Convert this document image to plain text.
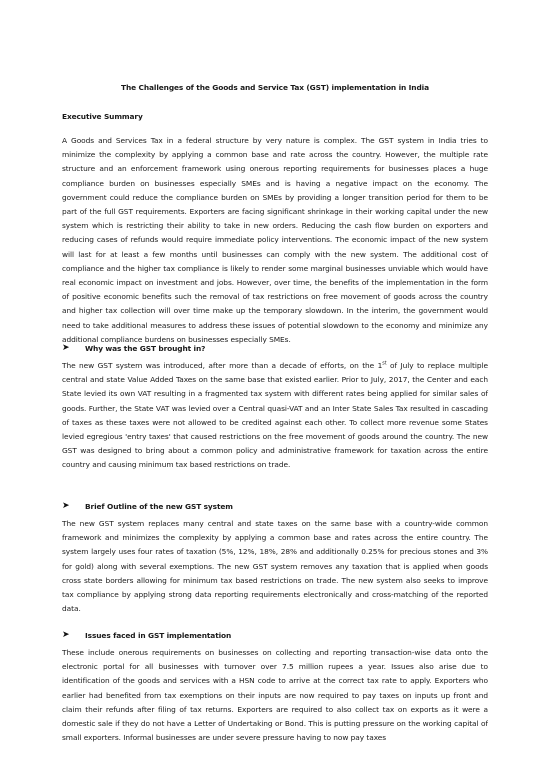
The Challenges of the Goods and Service Tax (GST) implementation in India
Executive Summary
A Goods and Services Tax in a federal structure by very nature is complex. The GST system in India tries to minimize the complexity by applying a common base and rate across the country. However, the multiple rate structure and an enforcement framework using onerous reporting requirements for businesses places a huge compliance burden on businesses especially SMEs and is having a negative impact on the economy. The government could reduce the compliance burden on SMEs by providing a longer transition period for them to be part of the full GST requirements. Exporters are facing significant shrinkage in their working capital under the new system which is restricting their ability to take in new orders. Reducing the cash flow burden on exporters and reducing cases of refunds would require immediate policy interventions. The economic impact of the new system will last for at least a few months until businesses can comply with the new system. The additional cost of compliance and the higher tax compliance is likely to render some marginal businesses unviable which would have real economic impact on investment and jobs. However, over time, the benefits of the implementation in the form of positive economic benefits such the removal of tax restrictions on free movement of goods across the country and higher tax collection will over time make up the temporary slowdown. In the interim, the government would need to take additional measures to address these issues of potential slowdown to the economy and minimize any additional compliance burdens on businesses especially SMEs.
➤ Why was the GST brought in?
The new GST system was introduced, after more than a decade of efforts, on the 1st of July to replace multiple central and state Value Added Taxes on the same base that existed earlier. Prior to July, 2017, the Center and each State levied its own VAT resulting in a fragmented tax system with different rates being applied for similar sales of goods. Further, the State VAT was levied over a Central quasi-VAT and an Inter State Sales Tax resulted in cascading of taxes as these taxes were not allowed to be credited against each other. To collect more revenue some States levied egregious 'entry taxes' that caused restrictions on the free movement of goods around the country. The new GST was designed to bring about a common policy and administrative framework for taxation across the entire country and causing minimum tax based restrictions on trade.
➤ Brief Outline of the new GST system
The new GST system replaces many central and state taxes on the same base with a country-wide common framework and minimizes the complexity by applying a common base and rates across the entire country. The system largely uses four rates of taxation (5%, 12%, 18%, 28% and additionally 0.25% for precious stones and 3% for gold) along with several exemptions. The new GST system removes any taxation that is applied when goods cross state borders allowing for minimum tax based restrictions on trade. The new system also seeks to improve tax compliance by applying strong data reporting requirements electronically and cross-matching of the reported data.
➤ Issues faced in GST implementation
These include onerous requirements on businesses on collecting and reporting transaction-wise data onto the electronic portal for all businesses with turnover over 7.5 million rupees a year. Issues also arise due to identification of the goods and services with a HSN code to arrive at the correct tax rate to apply. Exporters who earlier had benefited from tax exemptions on their inputs are now required to pay taxes on inputs up front and claim their refunds after filing of tax returns. Exporters are required to also collect tax on exports as it were a domestic sale if they do not have a Letter of Undertaking or Bond. This is putting pressure on the working capital of small exporters. Informal businesses are under severe pressure having to now pay taxes
